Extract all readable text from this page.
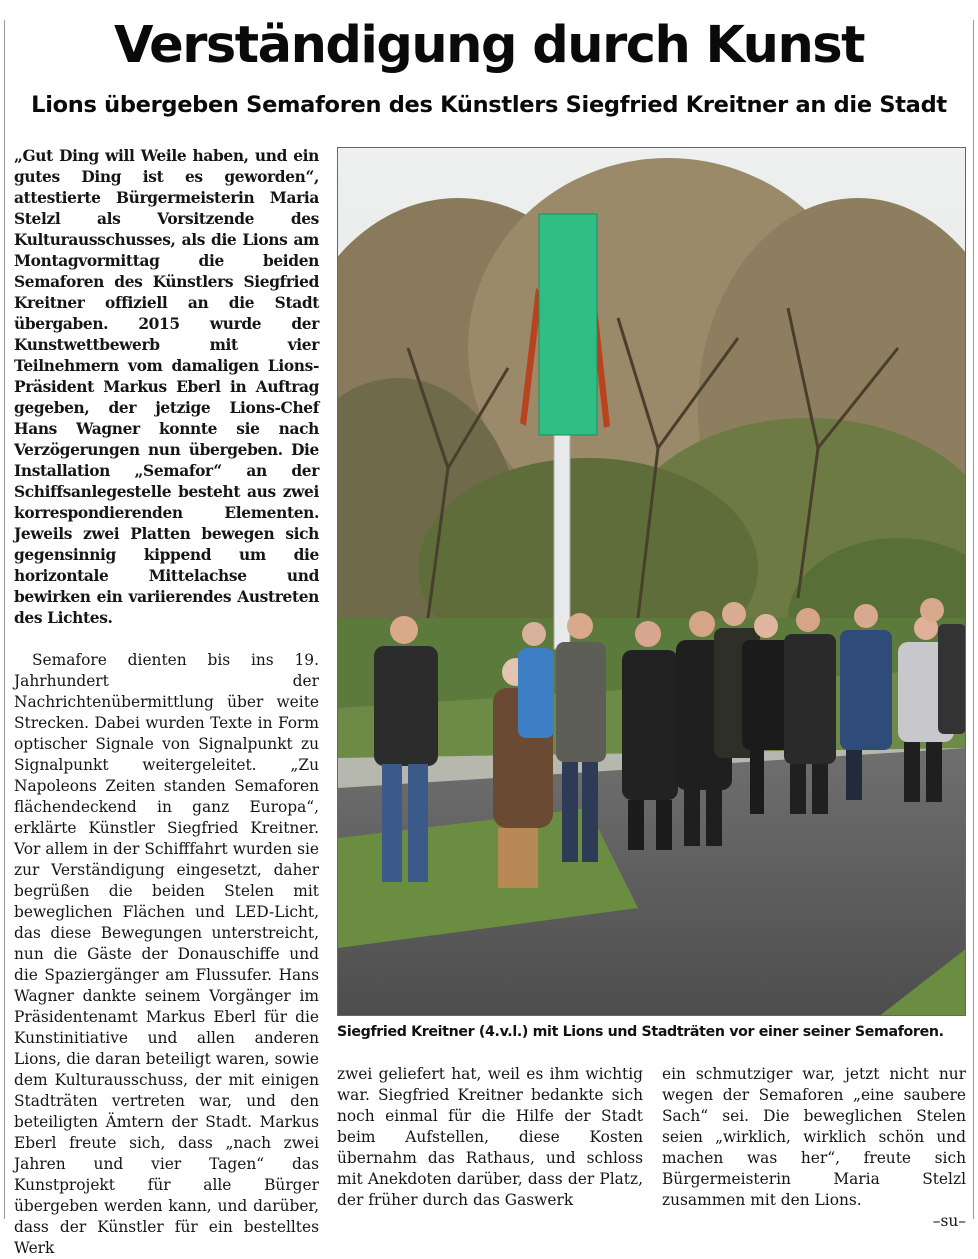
Verständigung durch Kunst
Lions übergeben Semaforen des Künstlers Siegfried Kreitner an die Stadt

„Gut Ding will Weile haben, und ein gutes Ding ist es geworden“, attestierte Bürgermeisterin Maria Stelzl als Vorsitzende des Kulturausschusses, als die Lions am Montagvormittag die beiden Semaforen des Künstlers Siegfried Kreitner offiziell an die Stadt übergaben. 2015 wurde der Kunstwettbewerb mit vier Teilnehmern vom damaligen Lions-Präsident Markus Eberl in Auftrag gegeben, der jetzige Lions-Chef Hans Wagner konnte sie nach Verzögerungen nun übergeben. Die Installation „Semafor“ an der Schiffsanlegestelle besteht aus zwei korrespondierenden Elementen. Jeweils zwei Platten bewegen sich gegensinnig kippend um die horizontale Mittelachse und bewirken ein variierendes Austreten des Lichtes.

Semafore dienten bis ins 19. Jahrhundert der Nachrichtenübermittlung über weite Strecken. Dabei wurden Texte in Form optischer Signale von Signalpunkt zu Signalpunkt weitergeleitet. „Zu Napoleons Zeiten standen Semaforen flächendeckend in ganz Europa“, erklärte Künstler Siegfried Kreitner. Vor allem in der Schifffahrt wurden sie zur Verständigung eingesetzt, daher begrüßen die beiden Stelen mit beweglichen Flächen und LED-Licht, das diese Bewegungen unterstreicht, nun die Gäste der Donauschiffe und die Spaziergänger am Flussufer. Hans Wagner dankte seinem Vorgänger im Präsidentenamt Markus Eberl für die Kunstinitiative und allen anderen Lions, die daran beteiligt waren, sowie dem Kulturausschuss, der mit einigen Stadträten vertreten war, und den beteiligten Ämtern der Stadt. Markus Eberl freute sich, dass „nach zwei Jahren und vier Tagen“ das Kunstprojekt für alle Bürger übergeben werden kann, und darüber, dass der Künstler für ein bestelltes Werk

Siegfried Kreitner (4.v.l.) mit Lions und Stadträten vor einer seiner Semaforen.

zwei geliefert hat, weil es ihm wichtig war. Siegfried Kreitner bedankte sich noch einmal für die Hilfe der Stadt beim Aufstellen, diese Kosten übernahm das Rathaus, und schloss mit Anekdoten darüber, dass der Platz, der früher durch das Gaswerk

ein schmutziger war, jetzt nicht nur wegen der Semaforen „eine saubere Sach“ sei. Die beweglichen Stelen seien „wirklich, wirklich schön und machen was her“, freute sich Bürgermeisterin Maria Stelzl zusammen mit den Lions.

–su–
